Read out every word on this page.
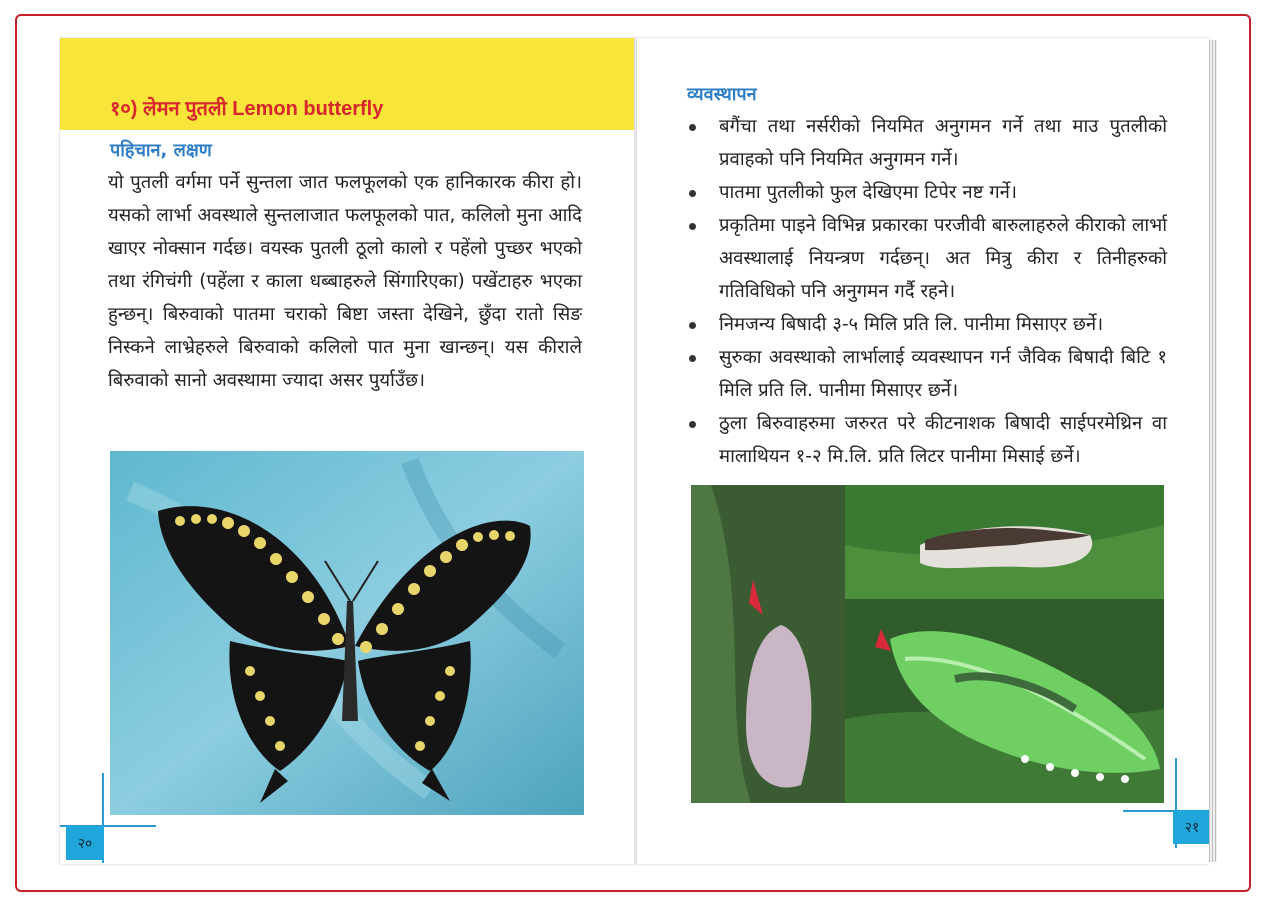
१०) लेमन पुतली Lemon butterfly
पहिचान, लक्षण

यो पुतली वर्गमा पर्ने सुन्तला जात फलफूलको एक हानिकारक कीरा हो। यसको लार्भा अवस्थाले सुन्तलाजात फलफूलको पात, कलिलो मुना आदि खाएर नोक्सान गर्दछ। वयस्क पुतली ठूलो कालो र पहेंलो पुच्छर भएको तथा रंगिचंगी (पहेंला र काला धब्बाहरुले सिंगारिएका) पखेंटाहरु भएका हुन्छन्। बिरुवाको पातमा चराको बिष्टा जस्ता देखिने, छुँदा रातो सिङ निस्कने लाभ्रेहरुले बिरुवाको कलिलो पात मुना खान्छन्। यस कीराले बिरुवाको सानो अवस्थामा ज्यादा असर पुर्याउँछ।

२०
व्यवस्थापन
बगैंचा तथा नर्सरीको नियमित अनुगमन गर्ने तथा माउ पुतलीको प्रवाहको पनि नियमित अनुगमन गर्ने।
पातमा पुतलीको फुल देखिएमा टिपेर नष्ट गर्ने।
प्रकृतिमा पाइने विभिन्न प्रकारका परजीवी बारुलाहरुले कीराको लार्भा अवस्थालाई नियन्त्रण गर्दछन्। अत मित्रु कीरा र तिनीहरुको गतिविधिको पनि अनुगमन गर्दै रहने।
निमजन्य बिषादी ३-५ मिलि प्रति लि. पानीमा मिसाएर छर्ने।
सुरुका अवस्थाको लार्भालाई व्यवस्थापन गर्न जैविक बिषादी बिटि १ मिलि प्रति लि. पानीमा मिसाएर छर्ने।
ठुला बिरुवाहरुमा जरुरत परे कीटनाशक बिषादी साईपरमेथ्रिन वा मालाथियन १-२ मि.लि. प्रति लिटर पानीमा मिसाई छर्ने।
२१
